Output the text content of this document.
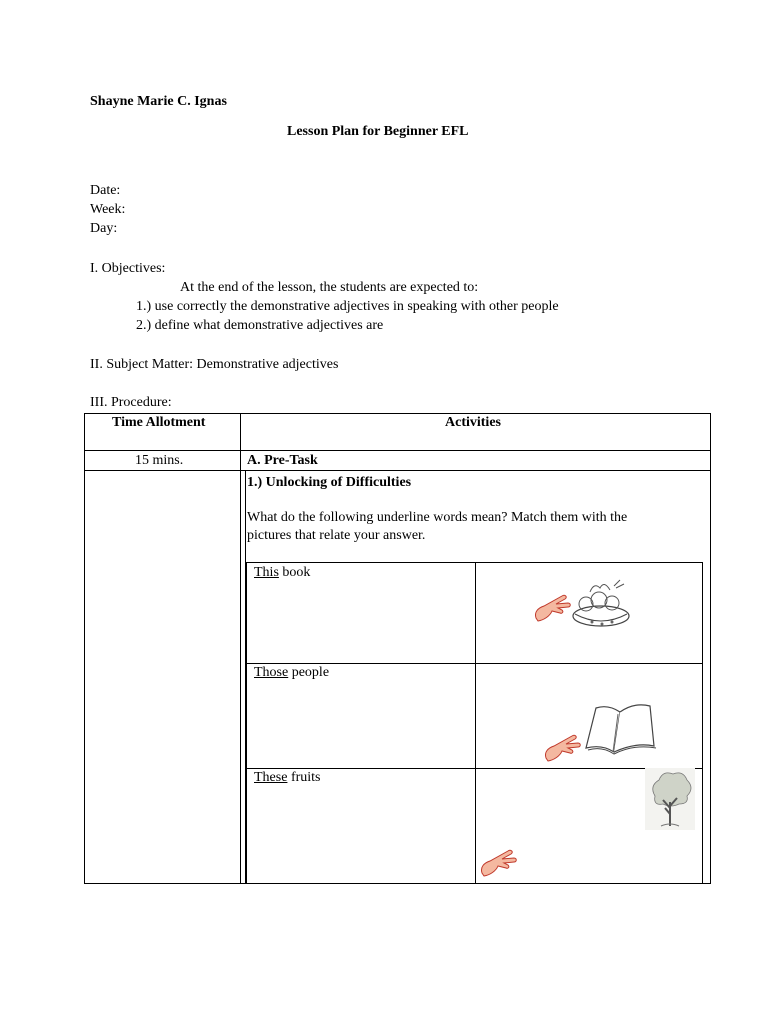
Shayne Marie C. Ignas
Lesson Plan for Beginner EFL
Date:
Week:
Day:
I. Objectives:
At the end of the lesson, the students are expected to:
1.) use correctly the demonstrative adjectives in speaking with other people
2.) define what demonstrative adjectives are
II. Subject Matter: Demonstrative adjectives
III. Procedure:
Time Allotment	Activities
15 mins.	A. Pre-Task
1.) Unlocking of Difficulties
What do the following underline words mean? Match them with the
pictures that relate your answer.
This book
Those people
These fruits
